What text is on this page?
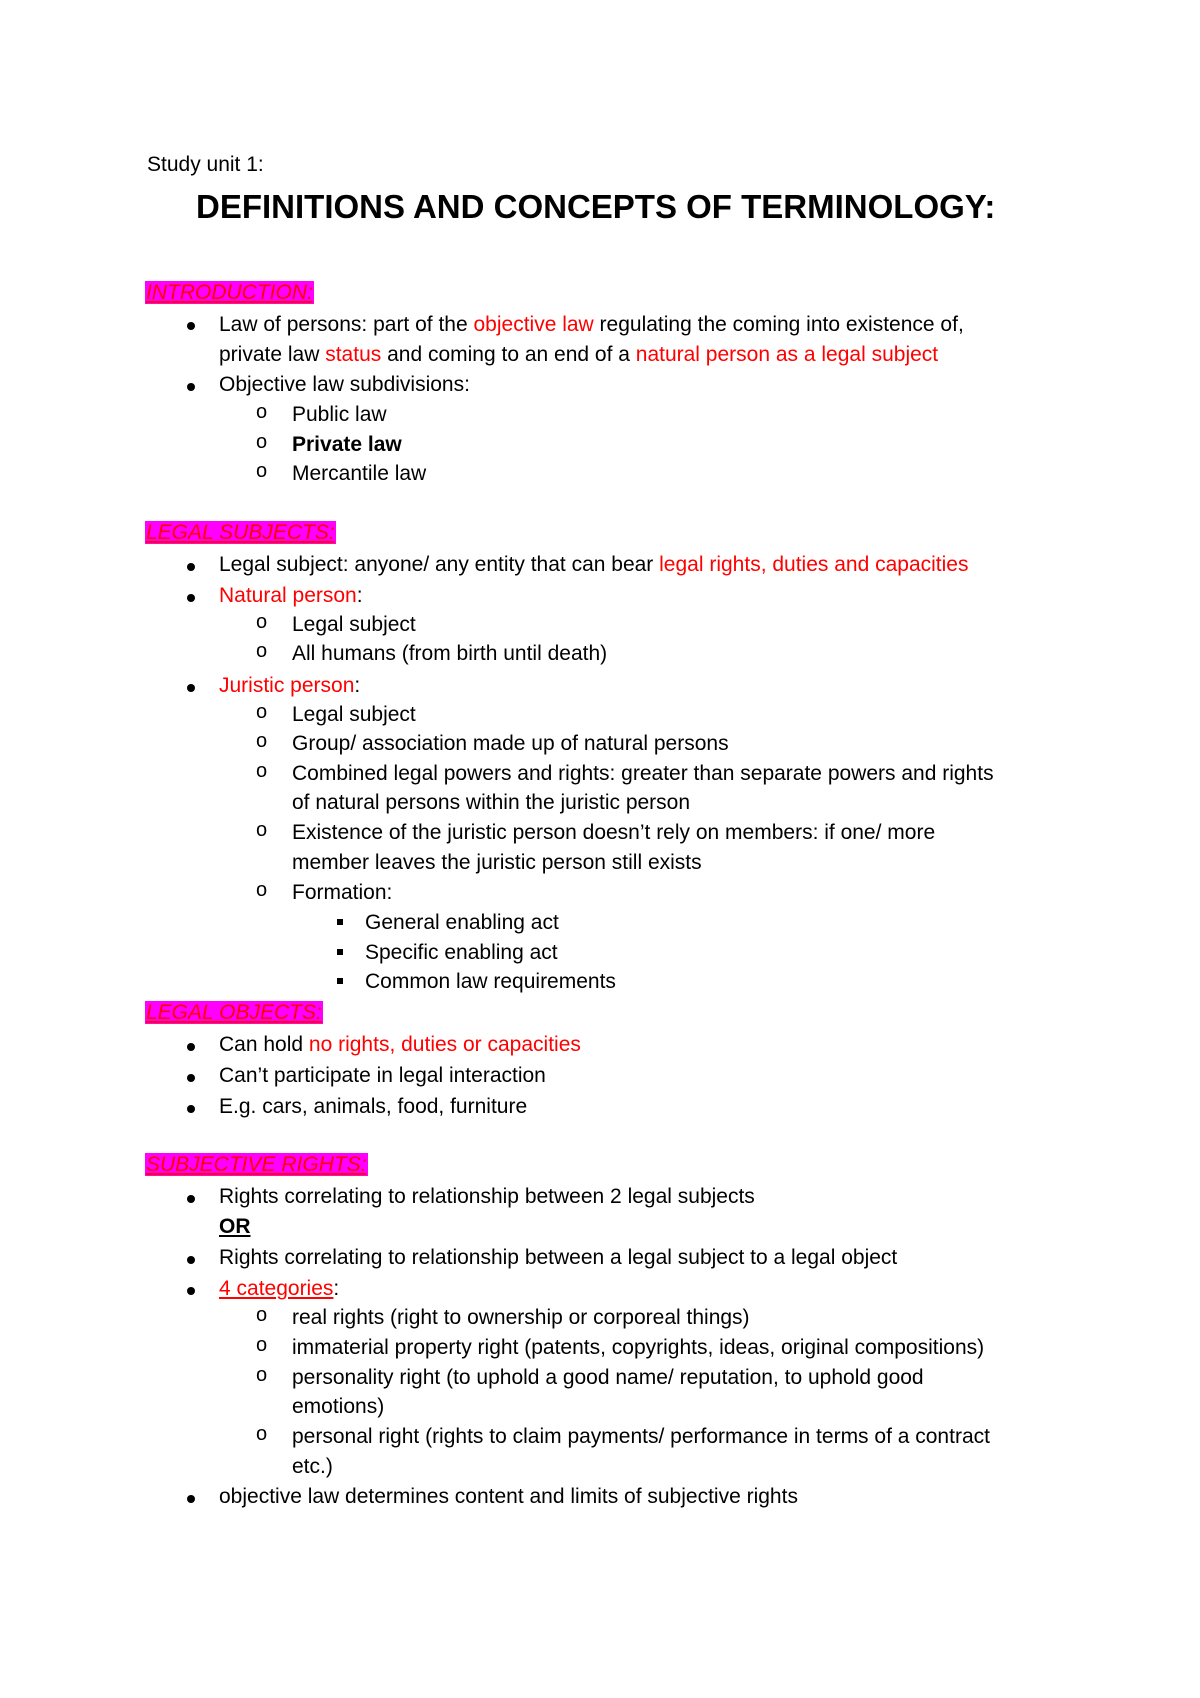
Study unit 1:
DEFINITIONS AND CONCEPTS OF TERMINOLOGY:
INTRODUCTION:
Law of persons: part of the objective law regulating the coming into existence of,
private law status and coming to an end of a natural person as a legal subject
Objective law subdivisions:
o Public law
o Private law
o Mercantile law
LEGAL SUBJECTS:
Legal subject: anyone/ any entity that can bear legal rights, duties and capacities
Natural person:
o Legal subject
o All humans (from birth until death)
Juristic person:
o Legal subject
o Group/ association made up of natural persons
o Combined legal powers and rights: greater than separate powers and rights
of natural persons within the juristic person
o Existence of the juristic person doesn’t rely on members: if one/ more
member leaves the juristic person still exists
o Formation:
General enabling act
Specific enabling act
Common law requirements
LEGAL OBJECTS:
Can hold no rights, duties or capacities
Can’t participate in legal interaction
E.g. cars, animals, food, furniture
SUBJECTIVE RIGHTS:
Rights correlating to relationship between 2 legal subjects
OR
Rights correlating to relationship between a legal subject to a legal object
4 categories:
o real rights (right to ownership or corporeal things)
o immaterial property right (patents, copyrights, ideas, original compositions)
o personality right (to uphold a good name/ reputation, to uphold good
emotions)
o personal right (rights to claim payments/ performance in terms of a contract
etc.)
objective law determines content and limits of subjective rights
